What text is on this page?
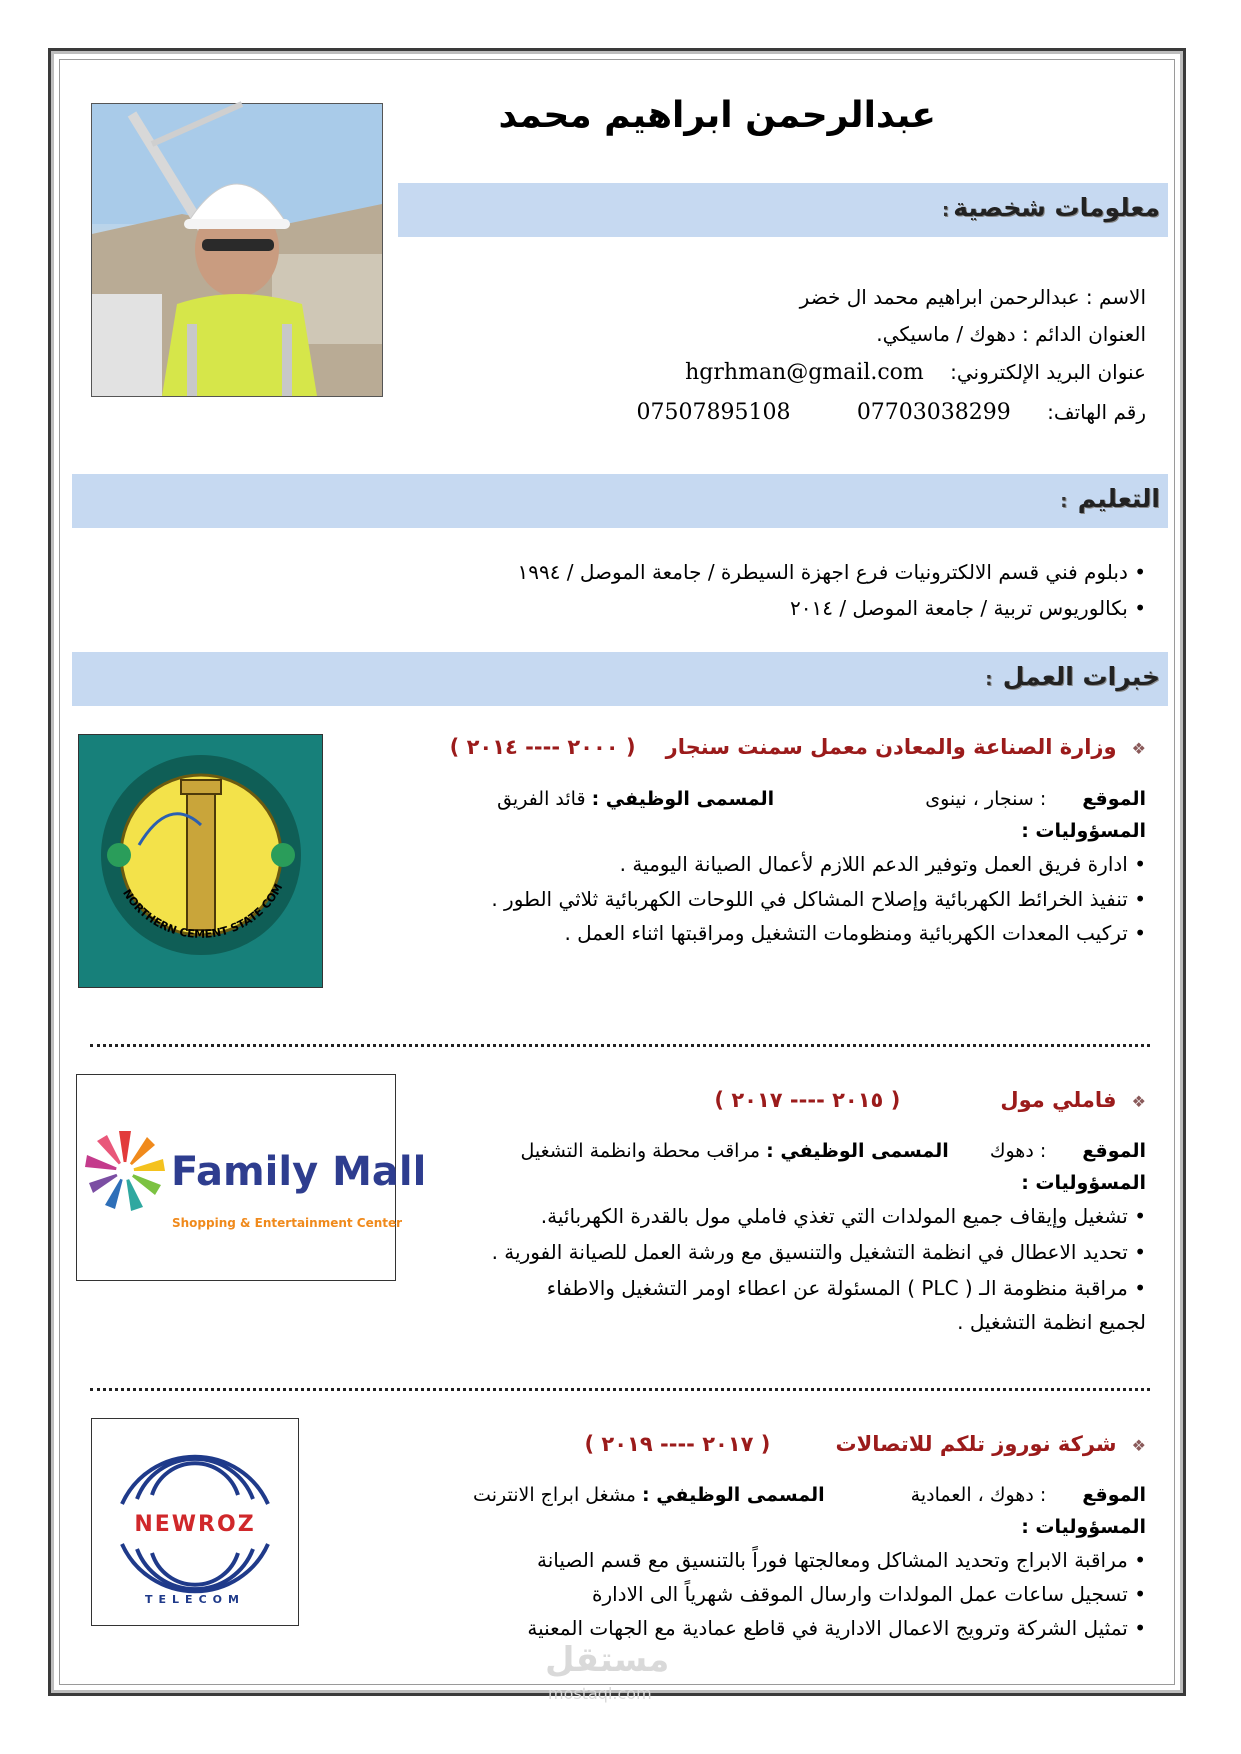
عبدالرحمن ابراهيم محمد
معلومات شخصية:
الاسم : عبدالرحمن ابراهيم محمد ال خضر
العنوان الدائم : دهوك / ماسيكي.
عنوان البريد الإلكتروني: hgrhman@gmail.com
رقم الهاتف: 07703038299 07507895108
التعليم :
• دبلوم فني قسم الالكترونيات فرع اجهزة السيطرة / جامعة الموصل / ١٩٩٤
• بكالوريوس تربية / جامعة الموصل / ٢٠١٤
خبرات العمل :
NORTHERN CEMENT STATE COM
❖ وزارة الصناعة والمعادن معمل سمنت سنجار ( ٢٠٠٠ ---- ٢٠١٤ )
الموقع : سنجار ، نينوى المسمى الوظيفي : قائد الفريق
المسؤوليات :
• ادارة فريق العمل وتوفير الدعم اللازم لأعمال الصيانة اليومية .
• تنفيذ الخرائط الكهربائية وإصلاح المشاكل في اللوحات الكهربائية ثلاثي الطور .
• تركيب المعدات الكهربائية ومنظومات التشغيل ومراقبتها اثناء العمل .
Family Mall
Shopping & Entertainment Center
❖ فاملي مول ( ٢٠١٥ ---- ٢٠١٧ )
الموقع : دهوك المسمى الوظيفي : مراقب محطة وانظمة التشغيل
المسؤوليات :
• تشغيل وإيقاف جميع المولدات التي تغذي فاملي مول بالقدرة الكهربائية.
• تحديد الاعطال في انظمة التشغيل والتنسيق مع ورشة العمل للصيانة الفورية .
• مراقبة منظومة الـ ( PLC ) المسئولة عن اعطاء اومر التشغيل والاطفاء
لجميع انظمة التشغيل .
NEWROZ
TELECOM
❖ شركة نوروز تلكم للاتصالات ( ٢٠١٧ ---- ٢٠١٩ )
الموقع : دهوك ، العمادية المسمى الوظيفي : مشغل ابراج الانترنت
المسؤوليات :
• مراقبة الابراج وتحديد المشاكل ومعالجتها فوراً بالتنسيق مع قسم الصيانة
• تسجيل ساعات عمل المولدات وارسال الموقف شهرياً الى الادارة
• تمثيل الشركة وترويج الاعمال الادارية في قاطع عمادية مع الجهات المعنية
مستقل
mostaql.com
